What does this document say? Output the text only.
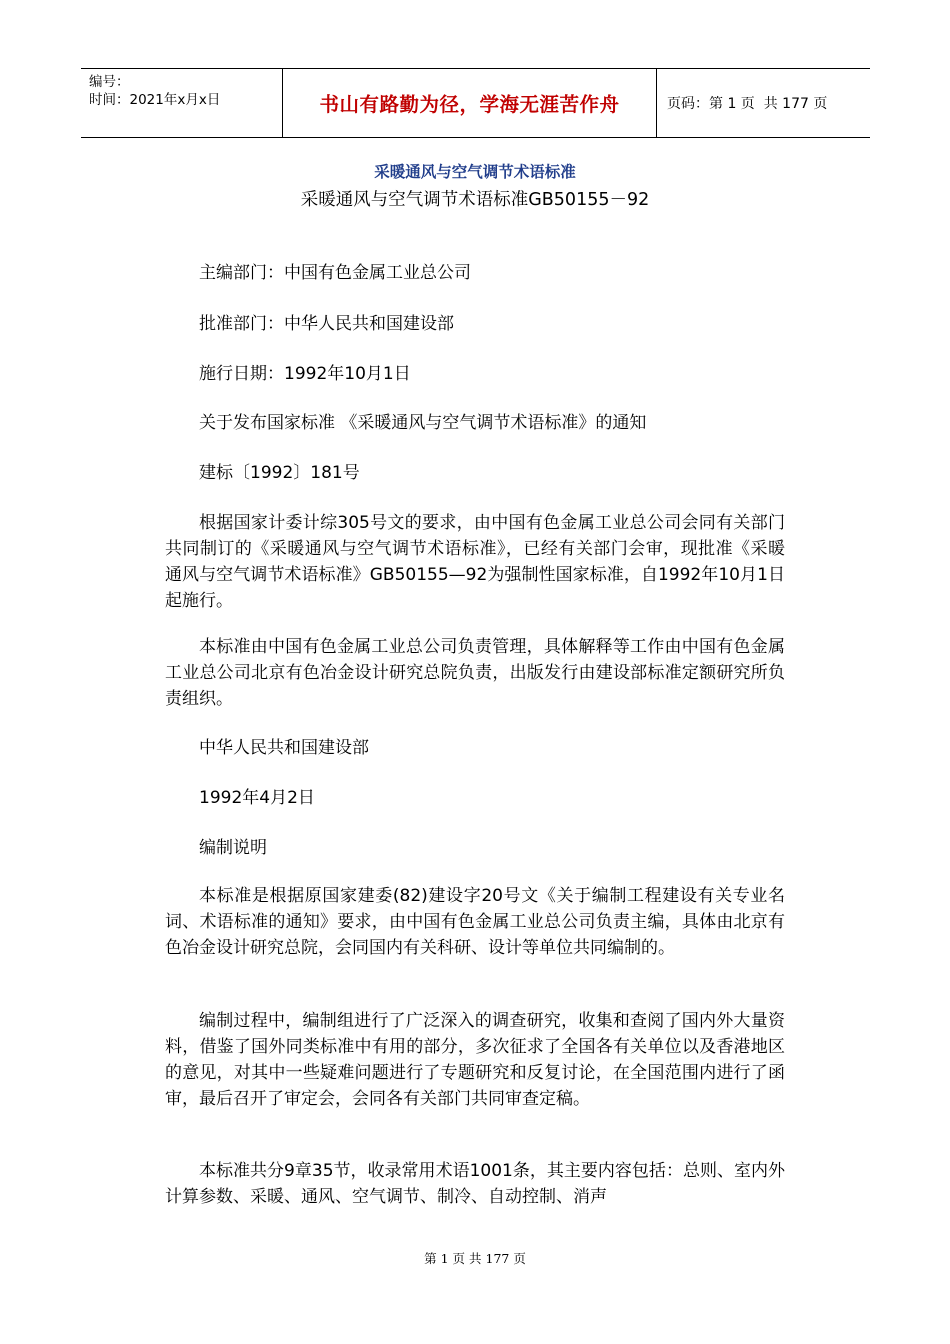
编号：
时间：2021年x月x日	书山有路勤为径，学海无涯苦作舟	页码：第 1 页  共 177 页
采暖通风与空气调节术语标准
采暖通风与空气调节术语标准GB50155－92
主编部门：中国有色金属工业总公司
批准部门：中华人民共和国建设部
施行日期：1992年10月1日
关于发布国家标准 《采暖通风与空气调节术语标准》的通知
建标〔1992〕181号
根据国家计委计综305号文的要求，由中国有色金属工业总公司会同有关部门共同制订的《采暖通风与空气调节术语标准》，已经有关部门会审，现批准《采暖通风与空气调节术语标准》GB50155—92为强制性国家标准，自1992年10月1日起施行。
本标准由中国有色金属工业总公司负责管理，具体解释等工作由中国有色金属工业总公司北京有色冶金设计研究总院负责，出版发行由建设部标准定额研究所负责组织。
中华人民共和国建设部
1992年4月2日
编制说明
本标准是根据原国家建委(82)建设字20号文《关于编制工程建设有关专业名词、术语标准的通知》要求，由中国有色金属工业总公司负责主编，具体由北京有色冶金设计研究总院，会同国内有关科研、设计等单位共同编制的。
编制过程中，编制组进行了广泛深入的调查研究，收集和查阅了国内外大量资料，借鉴了国外同类标准中有用的部分，多次征求了全国各有关单位以及香港地区的意见，对其中一些疑难问题进行了专题研究和反复讨论，在全国范围内进行了函审，最后召开了审定会，会同各有关部门共同审查定稿。
本标准共分9章35节，收录常用术语1001条，其主要内容包括：总则、室内外计算参数、采暖、通风、空气调节、制冷、自动控制、消声
第 1 页 共 177 页
